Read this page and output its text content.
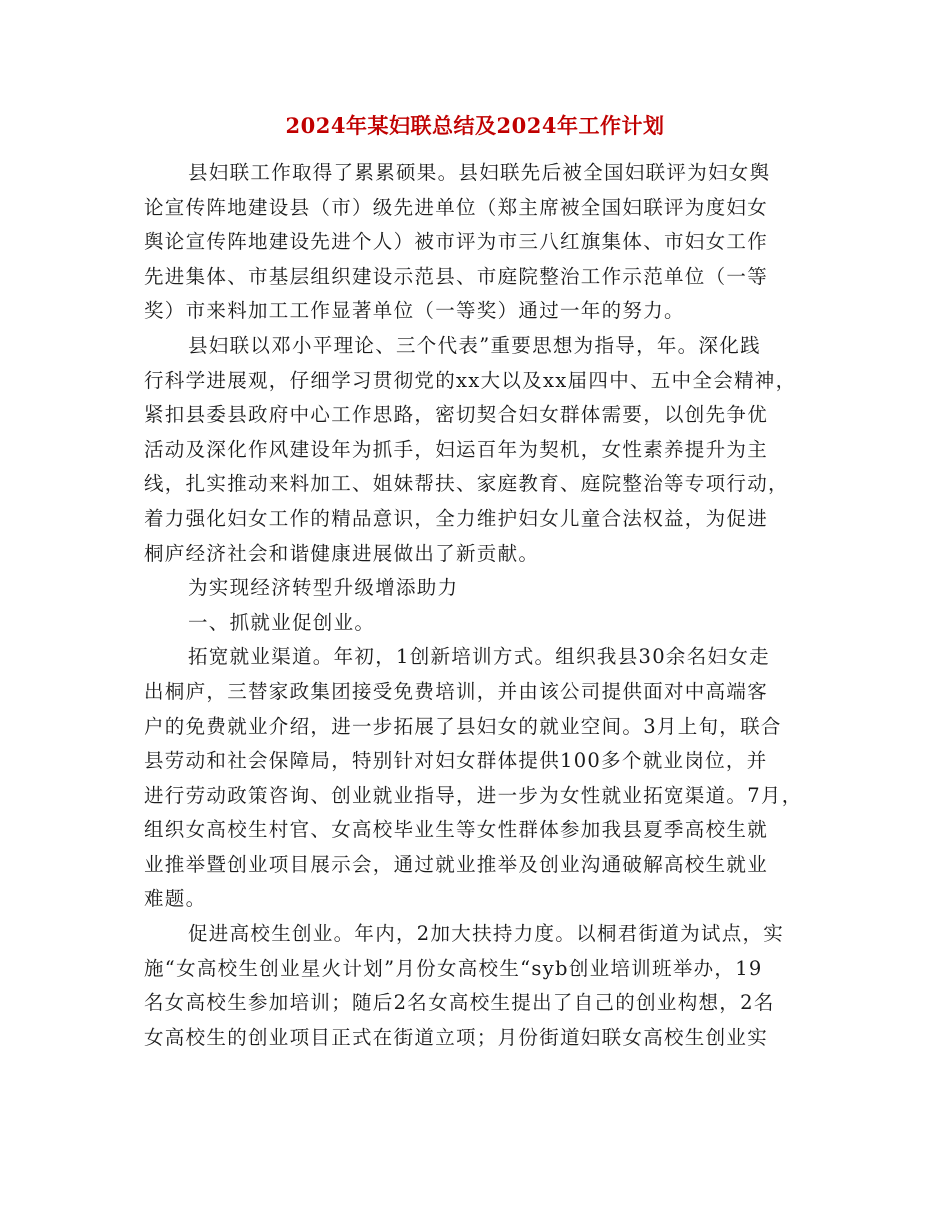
2024年某妇联总结及2024年工作计划
县妇联工作取得了累累硕果。县妇联先后被全国妇联评为妇女舆
论宣传阵地建设县（市）级先进单位（郑主席被全国妇联评为度妇女
舆论宣传阵地建设先进个人）被市评为市三八红旗集体、市妇女工作
先进集体、市基层组织建设示范县、市庭院整治工作示范单位（一等
奖）市来料加工工作显著单位（一等奖）通过一年的努力。
县妇联以邓小平理论、三个代表”重要思想为指导，年。深化践
行科学进展观，仔细学习贯彻党的xx大以及xx届四中、五中全会精神，
紧扣县委县政府中心工作思路，密切契合妇女群体需要，以创先争优
活动及深化作风建设年为抓手，妇运百年为契机，女性素养提升为主
线，扎实推动来料加工、姐妹帮扶、家庭教育、庭院整治等专项行动，
着力强化妇女工作的精品意识，全力维护妇女儿童合法权益，为促进
桐庐经济社会和谐健康进展做出了新贡献。
为实现经济转型升级增添助力
一、抓就业促创业。
拓宽就业渠道。年初，1创新培训方式。组织我县30余名妇女走
出桐庐，三替家政集团接受免费培训，并由该公司提供面对中高端客
户的免费就业介绍，进一步拓展了县妇女的就业空间。3月上旬，联合
县劳动和社会保障局，特别针对妇女群体提供100多个就业岗位，并
进行劳动政策咨询、创业就业指导，进一步为女性就业拓宽渠道。7月，
组织女高校生村官、女高校毕业生等女性群体参加我县夏季高校生就
业推举暨创业项目展示会，通过就业推举及创业沟通破解高校生就业
难题。
促进高校生创业。年内，2加大扶持力度。以桐君街道为试点，实
施“女高校生创业星火计划”月份女高校生“syb创业培训班举办，19
名女高校生参加培训；随后2名女高校生提出了自己的创业构想，2名
女高校生的创业项目正式在街道立项；月份街道妇联女高校生创业实
